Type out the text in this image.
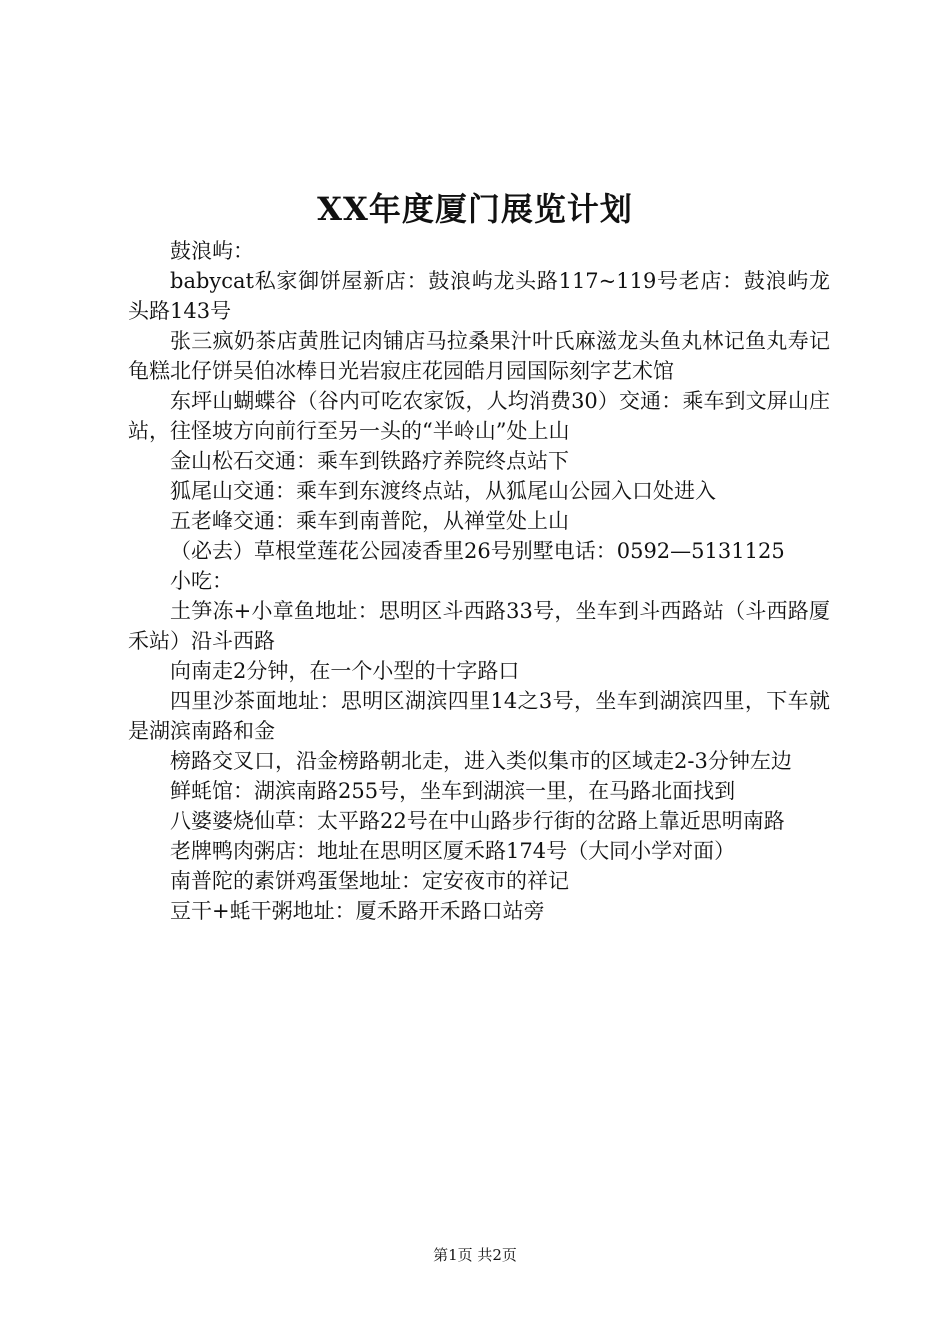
XX年度厦门展览计划

鼓浪屿：

babycat私家御饼屋新店：鼓浪屿龙头路117~119号老店：鼓浪屿龙头路143号

张三疯奶茶店黄胜记肉铺店马拉桑果汁叶氏麻滋龙头鱼丸林记鱼丸寿记龟糕北仔饼吴伯冰棒日光岩寂庄花园皓月园国际刻字艺术馆

东坪山蝴蝶谷（谷内可吃农家饭，人均消费30）交通：乘车到文屏山庄站，往怪坡方向前行至另一头的“半岭山”处上山

金山松石交通：乘车到铁路疗养院终点站下

狐尾山交通：乘车到东渡终点站，从狐尾山公园入口处进入

五老峰交通：乘车到南普陀，从禅堂处上山

（必去）草根堂莲花公园凌香里26号别墅电话：0592—5131125

小吃：

土笋冻+小章鱼地址：思明区斗西路33号，坐车到斗西路站（斗西路厦禾站）沿斗西路

向南走2分钟，在一个小型的十字路口

四里沙茶面地址：思明区湖滨四里14之3号，坐车到湖滨四里，下车就是湖滨南路和金

榜路交叉口，沿金榜路朝北走，进入类似集市的区域走2-3分钟左边

鲜蚝馆：湖滨南路255号，坐车到湖滨一里，在马路北面找到

八婆婆烧仙草：太平路22号在中山路步行街的岔路上靠近思明南路

老牌鸭肉粥店：地址在思明区厦禾路174号（大同小学对面）

南普陀的素饼鸡蛋堡地址：定安夜市的祥记

豆干+蚝干粥地址：厦禾路开禾路口站旁

第1页 共2页
